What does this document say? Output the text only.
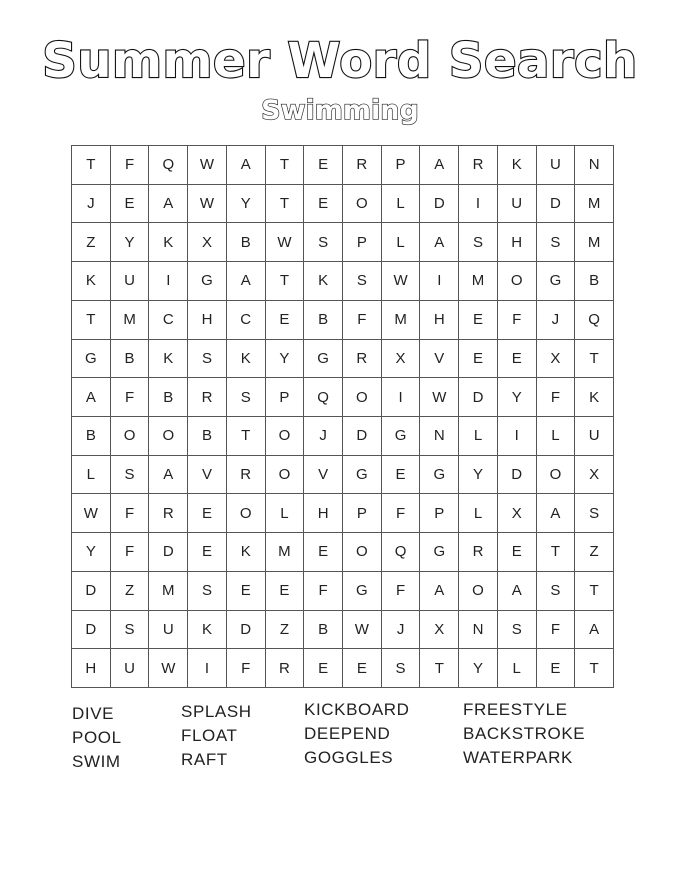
Summer Word Search
Swimming
T	F	Q	W	A	T	E	R	P	A	R	K	U	N
J	E	A	W	Y	T	E	O	L	D	I	U	D	M
Z	Y	K	X	B	W	S	P	L	A	S	H	S	M
K	U	I	G	A	T	K	S	W	I	M	O	G	B
T	M	C	H	C	E	B	F	M	H	E	F	J	Q
G	B	K	S	K	Y	G	R	X	V	E	E	X	T
A	F	B	R	S	P	Q	O	I	W	D	Y	F	K
B	O	O	B	T	O	J	D	G	N	L	I	L	U
L	S	A	V	R	O	V	G	E	G	Y	D	O	X
W	F	R	E	O	L	H	P	F	P	L	X	A	S
Y	F	D	E	K	M	E	O	Q	G	R	E	T	Z
D	Z	M	S	E	E	F	G	F	A	O	A	S	T
D	S	U	K	D	Z	B	W	J	X	N	S	F	A
H	U	W	I	F	R	E	E	S	T	Y	L	E	T
DIVE
POOL
SWIM
SPLASH
FLOAT
RAFT
KICKBOARD
DEEPEND
GOGGLES
FREESTYLE
BACKSTROKE
WATERPARK
